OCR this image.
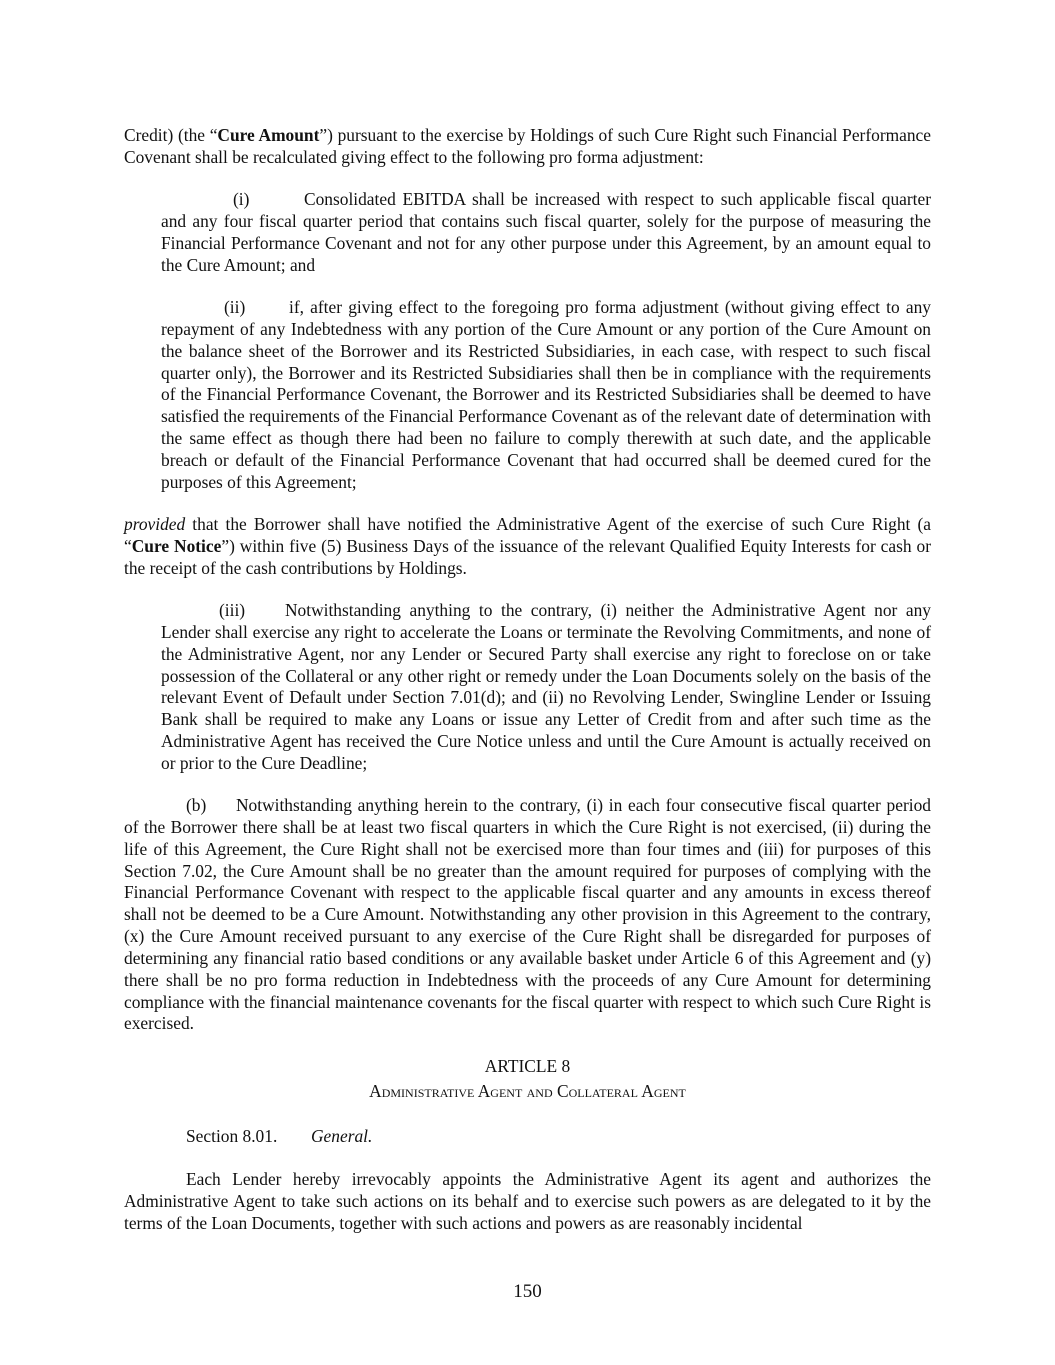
Credit) (the “Cure Amount”) pursuant to the exercise by Holdings of such Cure Right such Financial Performance Covenant shall be recalculated giving effect to the following pro forma adjustment:

(i)	Consolidated EBITDA shall be increased with respect to such applicable fiscal quarter and any four fiscal quarter period that contains such fiscal quarter, solely for the purpose of measuring the Financial Performance Covenant and not for any other purpose under this Agreement, by an amount equal to the Cure Amount; and

(ii)	if, after giving effect to the foregoing pro forma adjustment (without giving effect to any repayment of any Indebtedness with any portion of the Cure Amount or any portion of the Cure Amount on the balance sheet of the Borrower and its Restricted Subsidiaries, in each case, with respect to such fiscal quarter only), the Borrower and its Restricted Subsidiaries shall then be in compliance with the requirements of the Financial Performance Covenant, the Borrower and its Restricted Subsidiaries shall be deemed to have satisfied the requirements of the Financial Performance Covenant as of the relevant date of determination with the same effect as though there had been no failure to comply therewith at such date, and the applicable breach or default of the Financial Performance Covenant that had occurred shall be deemed cured for the purposes of this Agreement;

provided that the Borrower shall have notified the Administrative Agent of the exercise of such Cure Right (a “Cure Notice”) within five (5) Business Days of the issuance of the relevant Qualified Equity Interests for cash or the receipt of the cash contributions by Holdings.

(iii) Notwithstanding anything to the contrary, (i) neither the Administrative Agent nor any Lender shall exercise any right to accelerate the Loans or terminate the Revolving Commitments, and none of the Administrative Agent, nor any Lender or Secured Party shall exercise any right to foreclose on or take possession of the Collateral or any other right or remedy under the Loan Documents solely on the basis of the relevant Event of Default under Section 7.01(d); and (ii) no Revolving Lender, Swingline Lender or Issuing Bank shall be required to make any Loans or issue any Letter of Credit from and after such time as the Administrative Agent has received the Cure Notice unless and until the Cure Amount is actually received on or prior to the Cure Deadline;

(b) Notwithstanding anything herein to the contrary, (i) in each four consecutive fiscal quarter period of the Borrower there shall be at least two fiscal quarters in which the Cure Right is not exercised, (ii) during the life of this Agreement, the Cure Right shall not be exercised more than four times and (iii) for purposes of this Section 7.02, the Cure Amount shall be no greater than the amount required for purposes of complying with the Financial Performance Covenant with respect to the applicable fiscal quarter and any amounts in excess thereof shall not be deemed to be a Cure Amount. Notwithstanding any other provision in this Agreement to the contrary, (x) the Cure Amount received pursuant to any exercise of the Cure Right shall be disregarded for purposes of determining any financial ratio based conditions or any available basket under Article 6 of this Agreement and (y) there shall be no pro forma reduction in Indebtedness with the proceeds of any Cure Amount for determining compliance with the financial maintenance covenants for the fiscal quarter with respect to which such Cure Right is exercised.

ARTICLE 8

Administrative Agent and Collateral Agent

Section 8.01. General.

Each Lender hereby irrevocably appoints the Administrative Agent its agent and authorizes the Administrative Agent to take such actions on its behalf and to exercise such powers as are delegated to it by the terms of the Loan Documents, together with such actions and powers as are reasonably incidental

150
